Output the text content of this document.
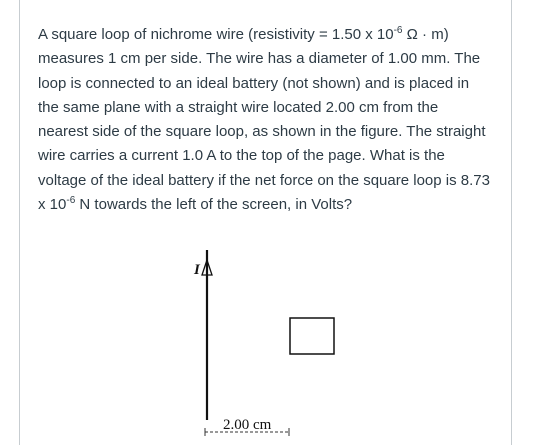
A square loop of nichrome wire (resistivity = 1.50 x $10^{-6}$ Ω · m) measures 1 cm per side. The wire has a diameter of 1.00 mm. The loop is connected to an ideal battery (not shown) and is placed in the same plane with a straight wire located 2.00 cm from the nearest side of the square loop, as shown in the figure. The straight wire carries a current 1.0 A to the top of the page. What is the voltage of the ideal battery if the net force on the square loop is 8.73 x $10^{-6}$ N towards the left of the screen, in Volts?

I
2.00 cm
